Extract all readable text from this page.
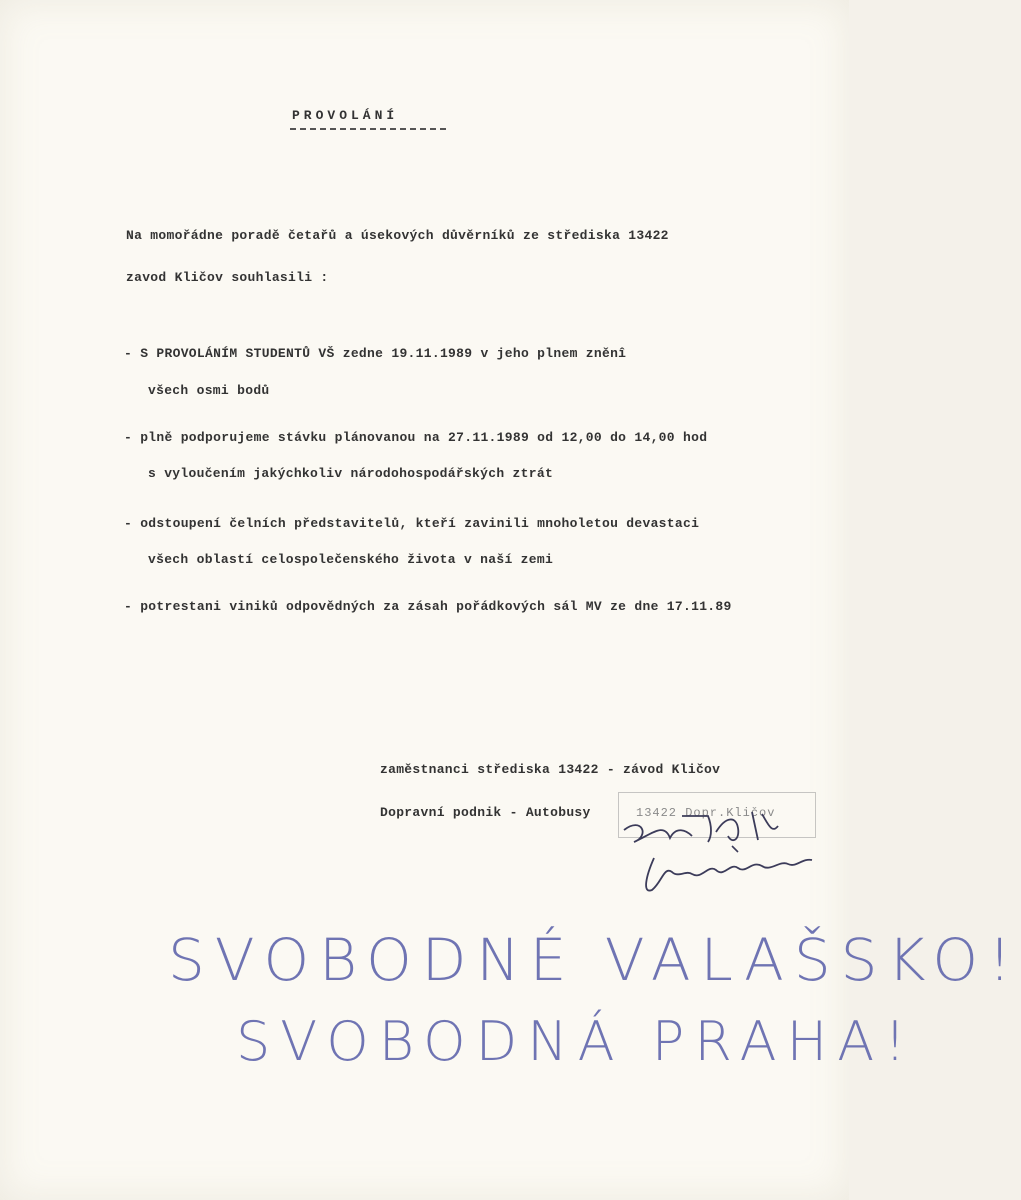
PROVOLÁNÍ
Na momořádne poradě četařů a úsekových důvěrníků ze střediska 13422
zavod Kličov souhlasili :
- S PROVOLÁNÍM STUDENTŮ VŠ zedne 19.11.1989 v jeho plnem zněnî
všech osmi bodů
- plně podporujeme stávku plánovanou na 27.11.1989 od 12,00 do 14,00 hod
s vyloučením jakýchkoliv národohospodářských ztrát
- odstoupení čelních představitelů, kteří zavinili mnoholetou devastaci
všech oblastí celospolečenského života v naší zemi
- potrestani viniků odpovědných za zásah pořádkových sál MV ze dne 17.11.89
zaměstnanci střediska 13422 - závod Kličov
Dopravní podnik - Autobusy	13422 Dopr.Kličov
SVOBODNÉ VALAŠSKO!
SVOBODNÁ PRAHA!
